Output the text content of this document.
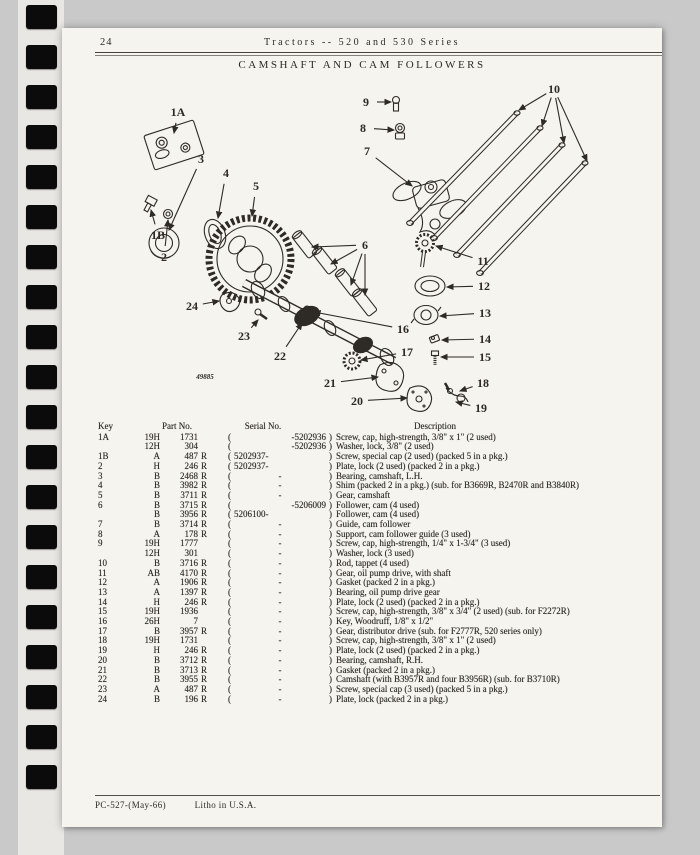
24	Tractors -- 520 and 530 Series
CAMSHAFT AND CAM FOLLOWERS
1A
3
4
5
1B
2
24
23
22
6
9
8
7
10
11
12
13
14
15
16
17
21
20
18
19
49885
Key	Part No.	Serial No.	Description
1A	19H 1731	(	-5202936 ) Screw, cap, high-strength, 3/8" x 1" (2 used)
12H	304	(	-5202936 ) Washer, lock, 3/8" (2 used)
1B	A	487 R	( 5202937-	) Screw, special cap (2 used) (packed 5 in a pkg.)
2	H	246 R	( 5202937-	) Plate, lock (2 used) (packed 2 in a pkg.)
3	B 2468 R	(	-	) Bearing, camshaft, L.H.
4	B 3982 R	(	-	) Shim (packed 2 in a pkg.) (sub. for B3669R, B2470R and B3840R)
5	B 3711 R	(	-	) Gear, camshaft
6	B 3715 R	(	-5206009 ) Follower, cam (4 used)
B 3956 R	( 5206100-	) Follower, cam (4 used)
7	B 3714 R	(	-	) Guide, cam follower
8	A	178 R	(	-	) Support, cam follower guide (3 used)
9	19H 1777	(	-	) Screw, cap, high-strength, 1/4" x 1-3/4" (3 used)
12H	301	(	-	) Washer, lock (3 used)
10	B 3716 R	(	-	) Rod, tappet (4 used)
11	AB 4170 R	(	-	) Gear, oil pump drive, with shaft
12	A 1906 R	(	-	) Gasket (packed 2 in a pkg.)
13	A 1397 R	(	-	) Bearing, oil pump drive gear
14	H	246 R	(	-	) Plate, lock (2 used) (packed 2 in a pkg.)
15	19H 1936	(	-	) Screw, cap, high-strength, 3/8" x 3/4" (2 used) (sub. for F2272R)
16	26H	7	(	-	) Key, Woodruff, 1/8" x 1/2"
17	B 3957 R	(	-	) Gear, distributor drive (sub. for F2777R, 520 series only)
18	19H 1731	(	-	) Screw, cap, high-strength, 3/8" x 1" (2 used)
19	H	246 R	(	-	) Plate, lock (2 used) (packed 2 in a pkg.)
20	B 3712 R	(	-	) Bearing, camshaft, R.H.
21	B 3713 R	(	-	) Gasket (packed 2 in a pkg.)
22	B 3955 R	(	-	) Camshaft (with B3957R and four B3956R) (sub. for B3710R)
23	A	487 R	(	-	) Screw, special cap (3 used) (packed 5 in a pkg.)
24	B	196 R	(	-	) Plate, lock (packed 2 in a pkg.)
PC-527-(May-66)	Litho in U.S.A.
